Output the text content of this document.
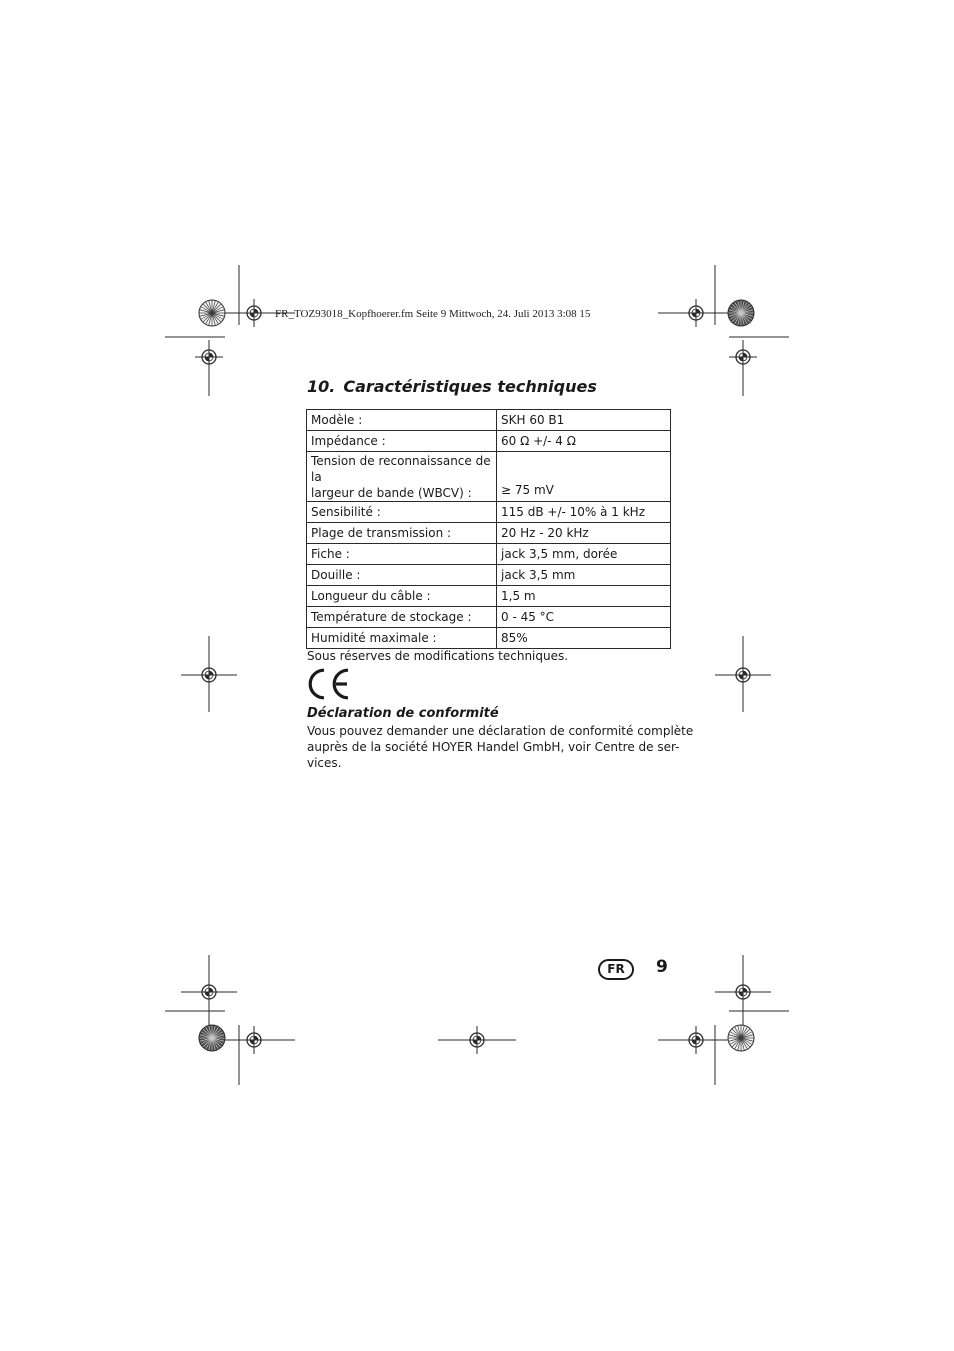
FR_TOZ93018_Kopfhoerer.fm Seite 9 Mittwoch, 24. Juli 2013 3:08 15
10. Caractéristiques techniques
Modèle :	SKH 60 B1
Impédance :	60 Ω +/- 4 Ω
Tension de reconnaissance de la
largeur de bande (WBCV) :	≥ 75 mV
Sensibilité :	115 dB +/- 10% à 1 kHz
Plage de transmission :	20 Hz - 20 kHz
Fiche :	jack 3,5 mm, dorée
Douille :	jack 3,5 mm
Longueur du câble :	1,5 m
Température de stockage :	0 - 45 °C
Humidité maximale :	85%
Sous réserves de modifications techniques.
Déclaration de conformité

Vous pouvez demander une déclaration de conformité complète
auprès de la société HOYER Handel GmbH, voir Centre de ser-
vices.

FR	9
